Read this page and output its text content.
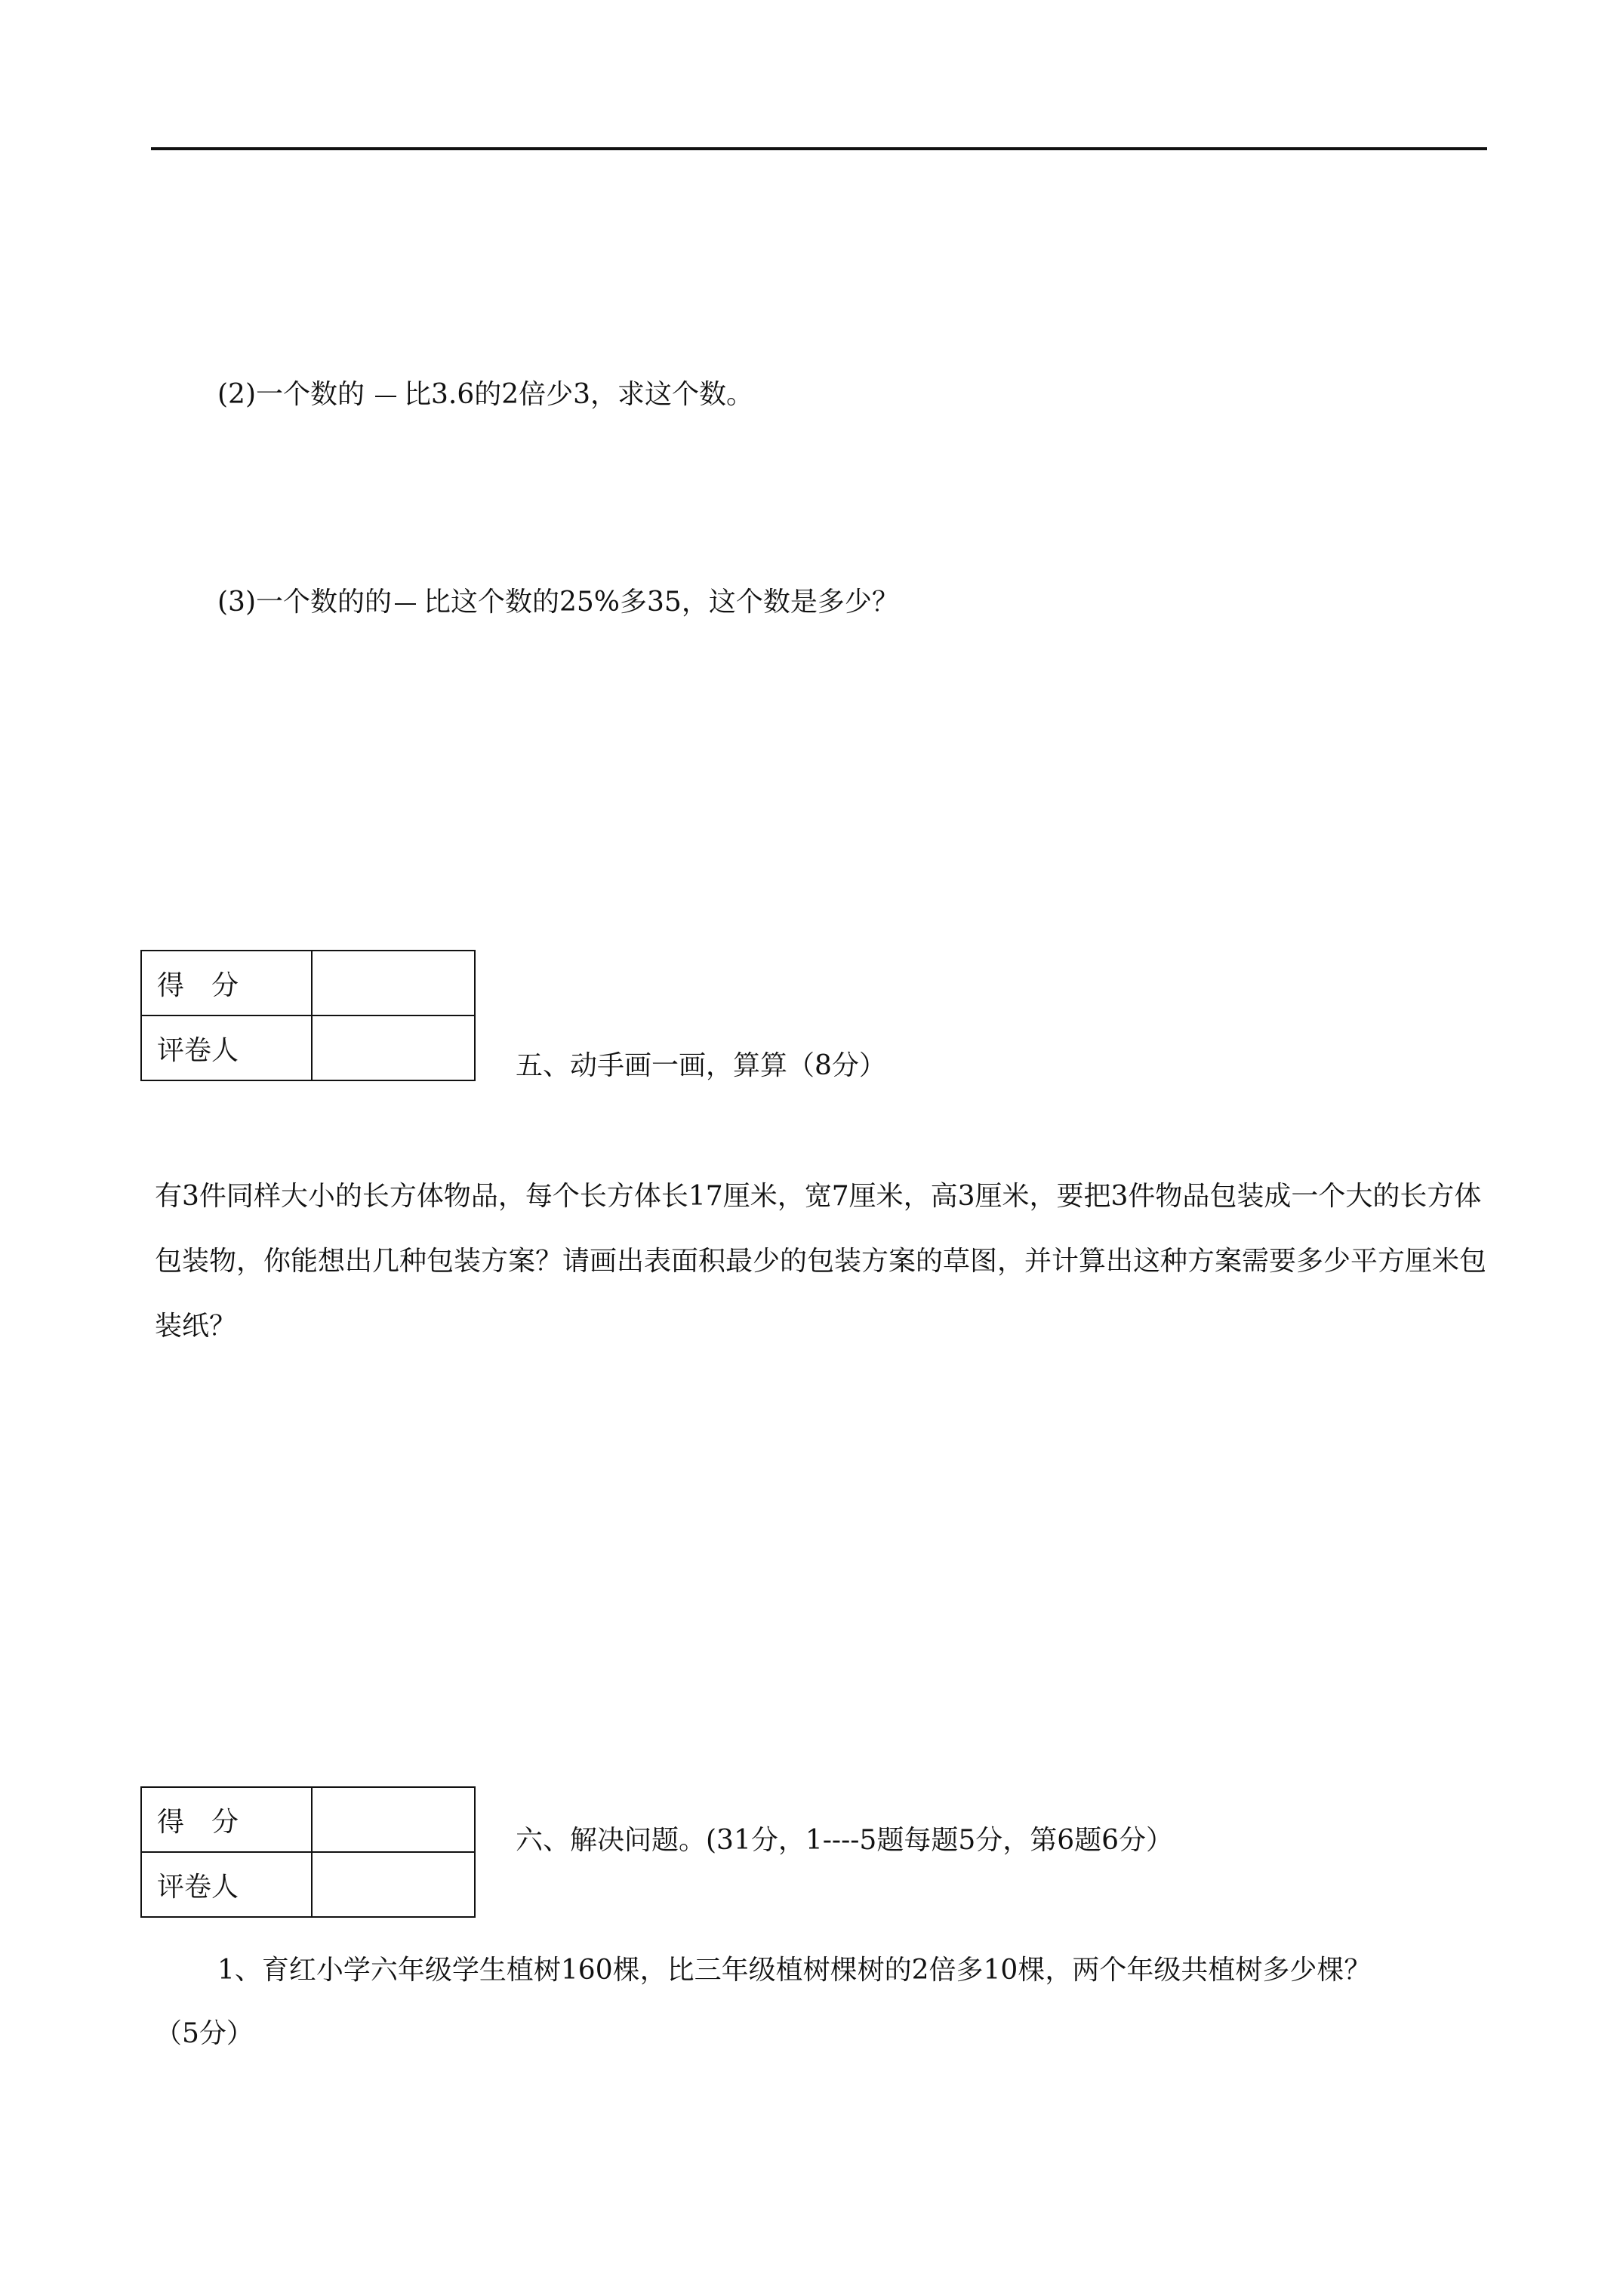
(2)一个数的 比3.6的2倍少3，求这个数。
(3)一个数的的 比这个数的25%多35，这个数是多少？
得　分	
评卷人		五、动手画一画，算算（8分）
有3件同样大小的长方体物品，每个长方体长17厘米，宽7厘米，高3厘米，要把3件物品包装成一个大的长方体包装物，你能想出几种包装方案？请画出表面积最少的包装方案的草图，并计算出这种方案需要多少平方厘米包装纸？
得　分	
评卷人	
六、解决问题。(31分，1----5题每题5分，第6题6分）
1、育红小学六年级学生植树160棵，比三年级植树棵树的2倍多10棵，两个年级共植树多少棵？
（5分）
